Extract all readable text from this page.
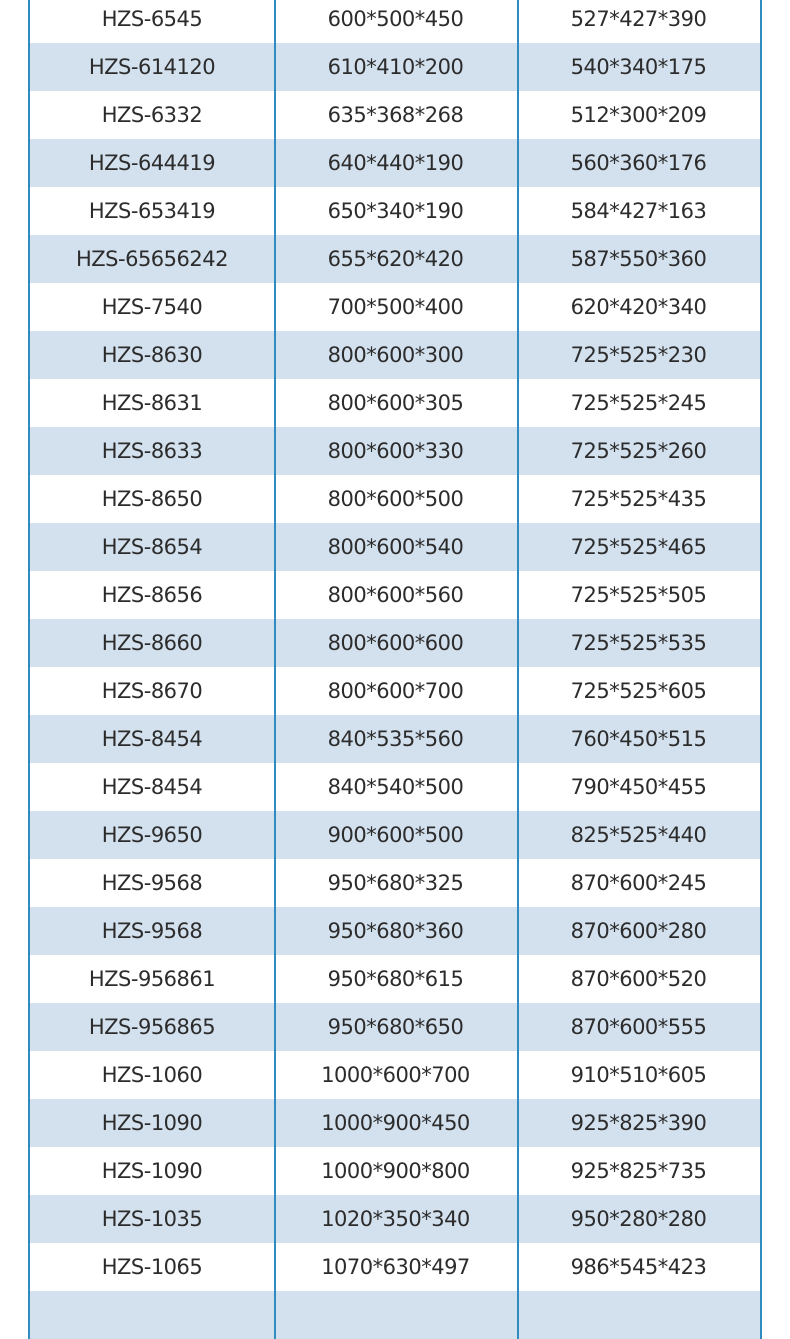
HZS-6545	600*500*450	527*427*390
HZS-614120	610*410*200	540*340*175
HZS-6332	635*368*268	512*300*209
HZS-644419	640*440*190	560*360*176
HZS-653419	650*340*190	584*427*163
HZS-65656242	655*620*420	587*550*360
HZS-7540	700*500*400	620*420*340
HZS-8630	800*600*300	725*525*230
HZS-8631	800*600*305	725*525*245
HZS-8633	800*600*330	725*525*260
HZS-8650	800*600*500	725*525*435
HZS-8654	800*600*540	725*525*465
HZS-8656	800*600*560	725*525*505
HZS-8660	800*600*600	725*525*535
HZS-8670	800*600*700	725*525*605
HZS-8454	840*535*560	760*450*515
HZS-8454	840*540*500	790*450*455
HZS-9650	900*600*500	825*525*440
HZS-9568	950*680*325	870*600*245
HZS-9568	950*680*360	870*600*280
HZS-956861	950*680*615	870*600*520
HZS-956865	950*680*650	870*600*555
HZS-1060	1000*600*700	910*510*605
HZS-1090	1000*900*450	925*825*390
HZS-1090	1000*900*800	925*825*735
HZS-1035	1020*350*340	950*280*280
HZS-1065	1070*630*497	986*545*423
